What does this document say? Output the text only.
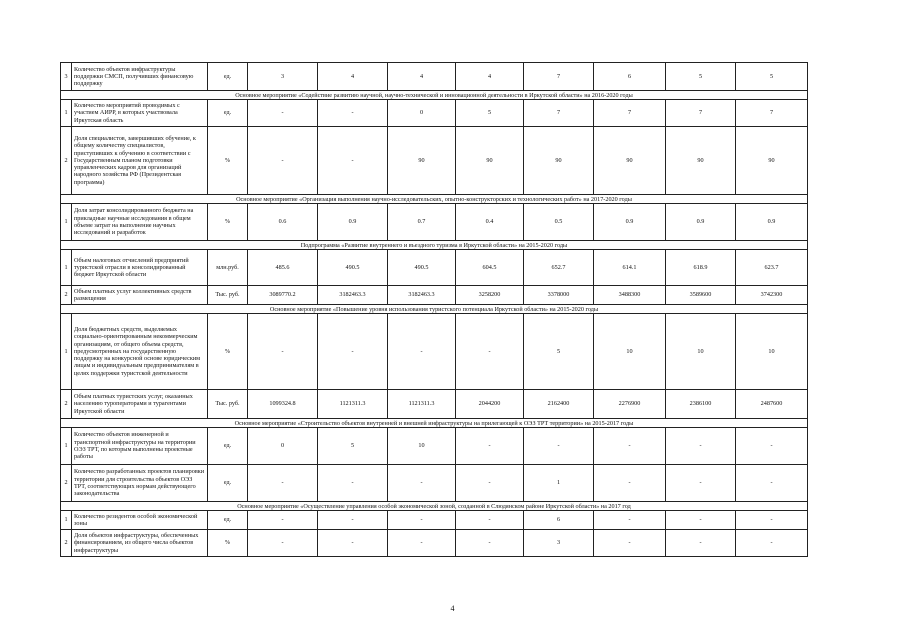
3	Количество объектов инфраструктуры поддержки СМСП, получивших финансовую поддержку	ед.	3	4	4	4	7	6	5	5
Основное мероприятие «Содействие развитию научной, научно-технической и инновационной деятельности в Иркутской области» на 2016-2020 годы										
1	Количество мероприятий проводимых с участием АИРР, в которых участвовала Иркутская область	ед.	-	-	0	5	7	7	7	7
2	Доля специалистов, завершивших обучение, к общему количеству специалистов, приступивших к обучению в соответствии с Государственным планом подготовки управленческих кадров для организаций народного хозяйства РФ (Президентская программа)	%	-	-	90	90	90	90	90	90
Основное мероприятие «Организация выполнения научно-исследовательских, опытно-конструкторских и технологических работ» на 2017-2020 годы										
1	Доля затрат консолидированного бюджета на прикладные научные исследования в общем объеме затрат на выполнение научных исследований и разработок	%	0.6	0.9	0.7	0.4	0.5	0.9	0.9	0.9
Подпрограмма «Развитие внутреннего и въездного туризма в Иркутской области» на 2015-2020 годы										
1	Объем налоговых отчислений предприятий туристской отрасли в консолидированный бюджет Иркутской области	млн.руб.	485.6	490.5	490.5	604.5	652.7	614.1	618.9	623.7
2	Объем платных услуг коллективных средств размещения	Тыс. руб.	3089770.2	3182463.3	3182463.3	3258200	3378000	3488300	3589600	3742300
Основное мероприятие «Повышение уровня использования туристского потенциала Иркутской области» на 2015-2020 годы										
1	Доля бюджетных средств, выделяемых социально-ориентированным некоммерческим организациям, от общего объема средств, предусмотренных на государственную поддержку на конкурсной основе юридическим лицам и индивидуальным предпринимателям в целях поддержки туристской деятельности	%	-	-	-	-	5	10	10	10
2	Объем платных туристских услуг, оказанных населению туроператорами и турагентами Иркутской области	Тыс. руб.	1099324.8	1121311.3	1121311.3	2044200	2162400	2276900	2386100	2487600
Основное мероприятие «Строительство объектов внутренней и внешней инфраструктуры на прилегающей к ОЭЗ ТРТ территории» на 2015-2017 годы										
1	Количество объектов инженерной и транспортной инфраструктуры на территории ОЭЗ ТРТ, по которым выполнены проектные работы	ед.	0	5	10	-	-	-	-	-
2	Количество разработанных проектов планировки территории для строительства объектов ОЭЗ ТРТ, соответствующих нормам действующего законодательства	ед.	-	-	-	-	1	-	-	-
Основное мероприятие «Осуществление управления особой экономической зоной, созданной в Слюдянском районе Иркутской области» на 2017 год										
1	Количество резидентов особой экономической зоны	ед.	-	-	-	-	6	-	-	-
2	Доля объектов инфраструктуры, обеспеченных финансированием, из общего числа объектов инфраструктуры	%	-	-	-	-	3	-	-	-
4
